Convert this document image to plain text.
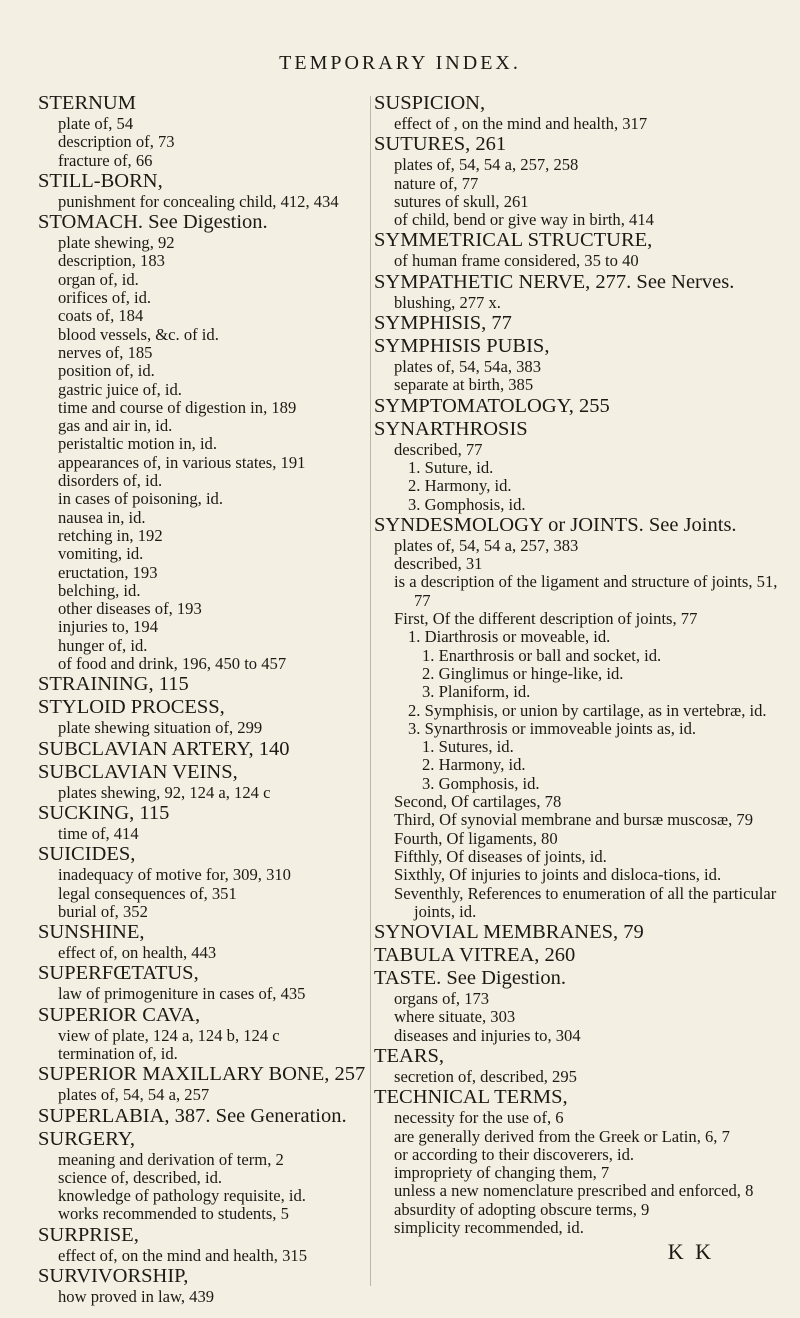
TEMPORARY INDEX.
STERNUM
plate of, 54
description of, 73
fracture of, 66
STILL-BORN,
punishment for concealing child, 412, 434
STOMACH. See Digestion.
plate shewing, 92
description, 183
organ of, id.
orifices of, id.
coats of, 184
blood vessels, &c. of id.
nerves of, 185
position of, id.
gastric juice of, id.
time and course of digestion in, 189
gas and air in, id.
peristaltic motion in, id.
appearances of, in various states, 191
disorders of, id.
in cases of poisoning, id.
nausea in, id.
retching in, 192
vomiting, id.
eructation, 193
belching, id.
other diseases of, 193
injuries to, 194
hunger of, id.
of food and drink, 196, 450 to 457
STRAINING, 115
STYLOID PROCESS,
plate shewing situation of, 299
SUBCLAVIAN ARTERY, 140
SUBCLAVIAN VEINS,
plates shewing, 92, 124 a, 124 c
SUCKING, 115
time of, 414
SUICIDES,
inadequacy of motive for, 309, 310
legal consequences of, 351
burial of, 352
SUNSHINE,
effect of, on health, 443
SUPERFŒTATUS,
law of primogeniture in cases of, 435
SUPERIOR CAVA,
view of plate, 124 a, 124 b, 124 c
termination of, id.
SUPERIOR MAXILLARY BONE, 257
plates of, 54, 54 a, 257
SUPERLABIA, 387. See Generation.
SURGERY,
meaning and derivation of term, 2
science of, described, id.
knowledge of pathology requisite, id.
works recommended to students, 5
SURPRISE,
effect of, on the mind and health, 315
SURVIVORSHIP,
how proved in law, 439
SUSPICION,
effect of , on the mind and health, 317
SUTURES, 261
plates of, 54, 54 a, 257, 258
nature of, 77
sutures of skull, 261
of child, bend or give way in birth, 414
SYMMETRICAL STRUCTURE,
of human frame considered, 35 to 40
SYMPATHETIC NERVE, 277. See Nerves.
blushing, 277 x.
SYMPHISIS, 77
SYMPHISIS PUBIS,
plates of, 54, 54a, 383
separate at birth, 385
SYMPTOMATOLOGY, 255
SYNARTHROSIS
described, 77
1. Suture, id.
2. Harmony, id.
3. Gomphosis, id.
SYNDESMOLOGY or JOINTS. See Joints.
plates of, 54, 54 a, 257, 383
described, 31
is a description of the ligament and structure of joints, 51, 77
First, Of the different description of joints, 77
1. Diarthrosis or moveable, id.
1. Enarthrosis or ball and socket, id.
2. Ginglimus or hinge-like, id.
3. Planiform, id.
2. Symphisis, or union by cartilage, as in vertebræ, id.
3. Synarthrosis or immoveable joints as, id.
1. Sutures, id.
2. Harmony, id.
3. Gomphosis, id.
Second, Of cartilages, 78
Third, Of synovial membrane and bursæ muscosæ, 79
Fourth, Of ligaments, 80
Fifthly, Of diseases of joints, id.
Sixthly, Of injuries to joints and disloca-tions, id.
Seventhly, References to enumeration of all the particular joints, id.
SYNOVIAL MEMBRANES, 79
TABULA VITREA, 260
TASTE. See Digestion.
organs of, 173
where situate, 303
diseases and injuries to, 304
TEARS,
secretion of, described, 295
TECHNICAL TERMS,
necessity for the use of, 6
are generally derived from the Greek or Latin, 6, 7
or according to their discoverers, id.
impropriety of changing them, 7
unless a new nomenclature prescribed and enforced, 8
absurdity of adopting obscure terms, 9
simplicity recommended, id.
K K
